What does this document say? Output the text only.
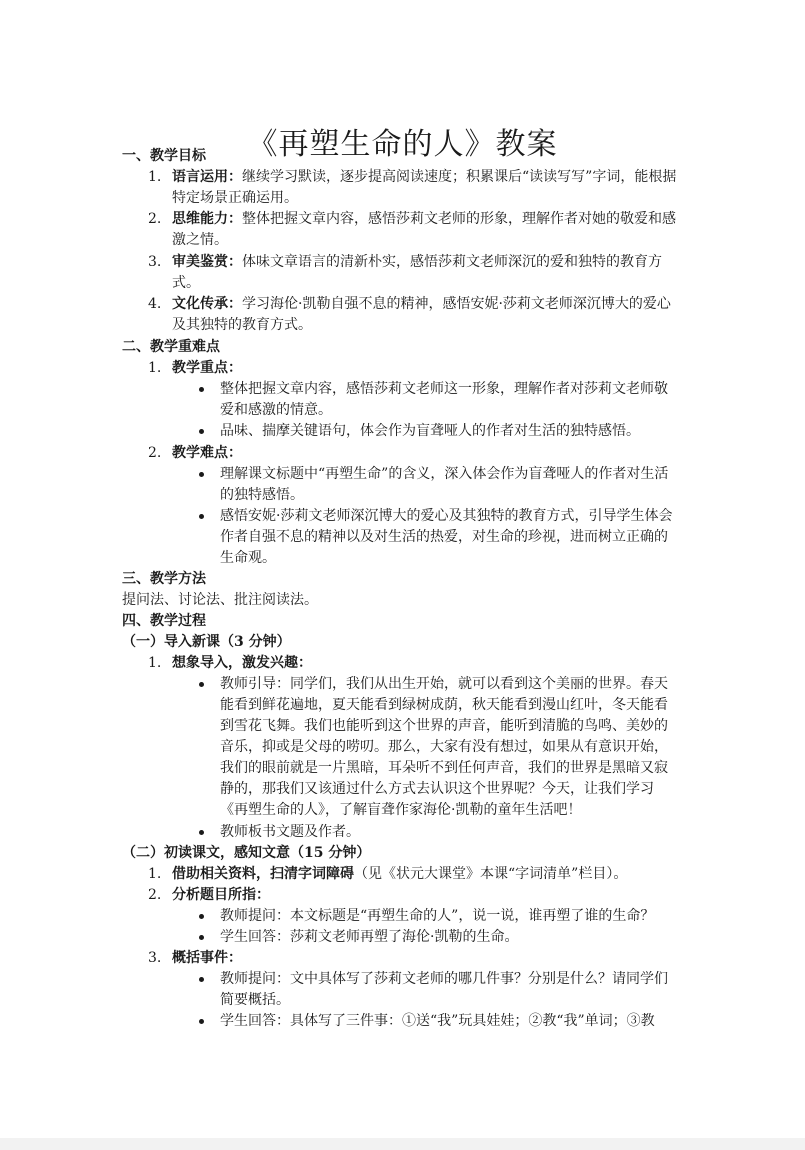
《再塑生命的人》教案
一、教学目标
1. 语言运用：继续学习默读，逐步提高阅读速度；积累课后“读读写写”字词，能根据
特定场景正确运用。
2. 思维能力：整体把握文章内容，感悟莎莉文老师的形象，理解作者对她的敬爱和感
激之情。
3. 审美鉴赏：体味文章语言的清新朴实，感悟莎莉文老师深沉的爱和独特的教育方
式。
4. 文化传承：学习海伦·凯勒自强不息的精神，感悟安妮·莎莉文老师深沉博大的爱心
及其独特的教育方式。
二、教学重难点
1. 教学重点：
整体把握文章内容，感悟莎莉文老师这一形象，理解作者对莎莉文老师敬
爱和感激的情意。
品味、揣摩关键语句，体会作为盲聋哑人的作者对生活的独特感悟。
2. 教学难点：
理解课文标题中“再塑生命”的含义，深入体会作为盲聋哑人的作者对生活
的独特感悟。
感悟安妮·莎莉文老师深沉博大的爱心及其独特的教育方式，引导学生体会
作者自强不息的精神以及对生活的热爱，对生命的珍视，进而树立正确的
生命观。
三、教学方法
提问法、讨论法、批注阅读法。
四、教学过程
（一）导入新课（3 分钟）
1. 想象导入，激发兴趣：
教师引导：同学们，我们从出生开始，就可以看到这个美丽的世界。春天
能看到鲜花遍地，夏天能看到绿树成荫，秋天能看到漫山红叶，冬天能看
到雪花飞舞。我们也能听到这个世界的声音，能听到清脆的鸟鸣、美妙的
音乐，抑或是父母的唠叨。那么，大家有没有想过，如果从有意识开始，
我们的眼前就是一片黑暗，耳朵听不到任何声音，我们的世界是黑暗又寂
静的，那我们又该通过什么方式去认识这个世界呢？今天，让我们学习
《再塑生命的人》，了解盲聋作家海伦·凯勒的童年生活吧！
教师板书文题及作者。
（二）初读课文，感知文意（15 分钟）
1. 借助相关资料，扫清字词障碍（见《状元大课堂》本课“字词清单”栏目）。
2. 分析题目所指：
教师提问：本文标题是“再塑生命的人”，说一说，谁再塑了谁的生命？
学生回答：莎莉文老师再塑了海伦·凯勒的生命。
3. 概括事件：
教师提问：文中具体写了莎莉文老师的哪几件事？分别是什么？请同学们
简要概括。
学生回答：具体写了三件事：①送“我”玩具娃娃；②教“我”单词；③教
